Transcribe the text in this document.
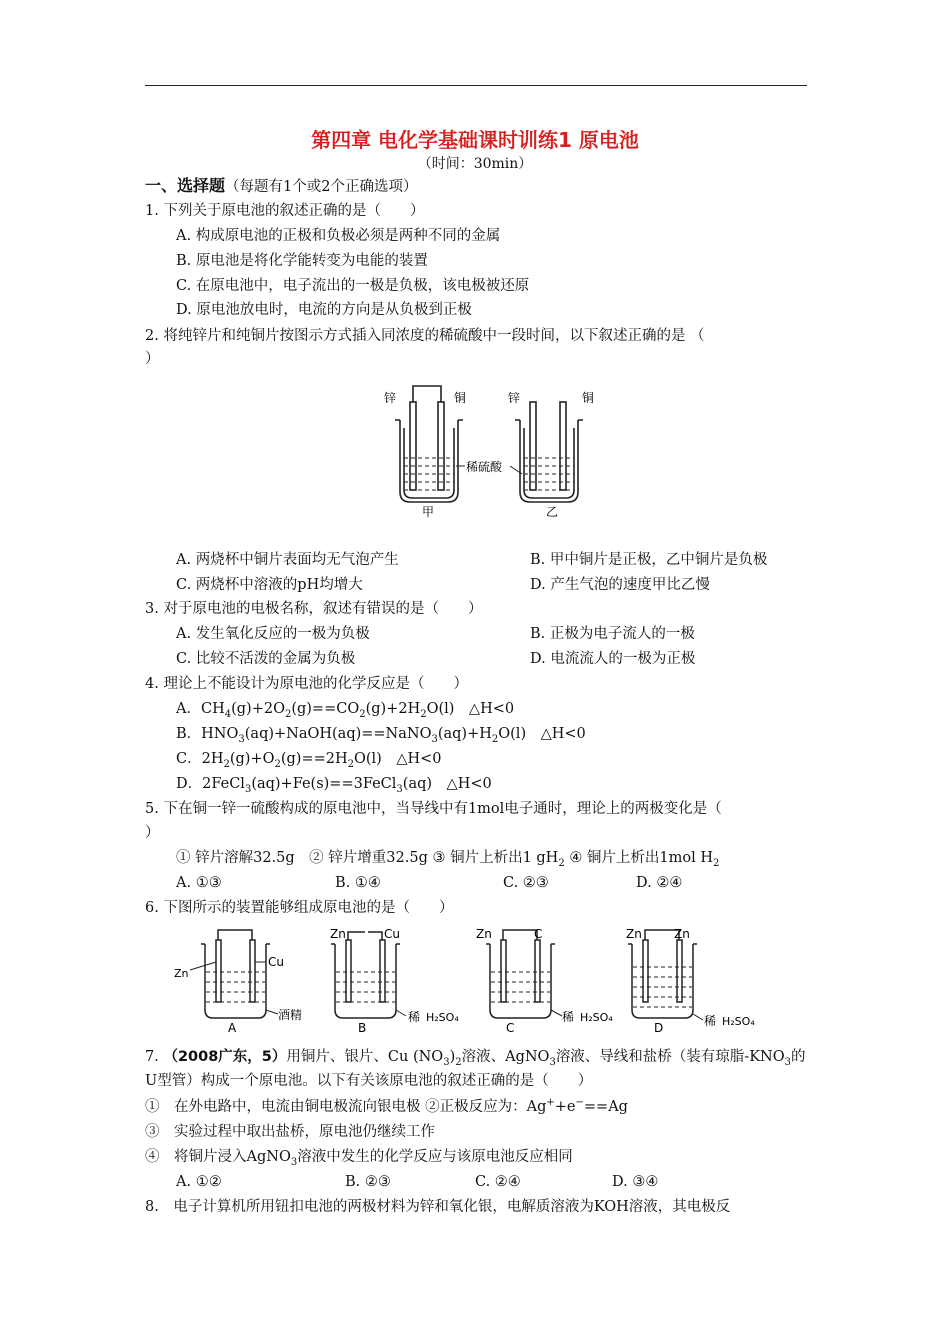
第四章 电化学基础课时训练1 原电池
（时间：30min）
一、选择题（每题有1个或2个正确选项）
1. 下列关于原电池的叙述正确的是（　　）
A. 构成原电池的正极和负极必须是两种不同的金属
B. 原电池是将化学能转变为电能的装置
C. 在原电池中，电子流出的一极是负极，该电极被还原
D. 原电池放电时，电流的方向是从负极到正极
2. 将纯锌片和纯铜片按图示方式插入同浓度的稀硫酸中一段时间，以下叙述正确的是 （
）
锌	铜	锌	铜
稀硫酸
甲	乙
A. 两烧杯中铜片表面均无气泡产生	B. 甲中铜片是正极，乙中铜片是负极
C. 两烧杯中溶液的pH均增大	D. 产生气泡的速度甲比乙慢
3. 对于原电池的电极名称，叙述有错误的是（　　）
A. 发生氧化反应的一极为负极	B. 正极为电子流人的一极
C. 比较不活泼的金属为负极	D. 电流流人的一极为正极
4. 理论上不能设计为原电池的化学反应是（　　）
A．$CH_4(g)+2O_2(g)==CO_2(g)+2H_2O(l)$　△H<0
B．$HNO_3(aq)+NaOH(aq)==NaNO_3(aq)+H_2O(l)$　△H<0
C．$2H_2(g)+O_2(g)==2H_2O(l)$　△H<0
D．2FeCl$_3$(aq)+Fe(s)==3FeCl$_3$(aq)　△H<0
5. 下在铜一锌一硫酸构成的原电池中，当导线中有1mol电子通时，理论上的两极变化是（
）
① 锌片溶解32.5g　② 锌片增重32.5g ③ 铜片上析出1 $gH_2$ ④ 铜片上析出1mol $H_2$
A. ①③	B. ①④	C. ②③	D. ②④
6. 下图所示的装置能够组成原电池的是（　　）
Zn
Cu
酒精
A
Zn	Cu
稀 H₂SO₄
B
Zn	C
稀 H₂SO₄
C
Zn	Zn
稀 H₂SO₄
D
7. （2008广东，5）用铜片、银片、Cu $(NO_3)_2$溶液、AgNO$_3$溶液、导线和盐桥（装有琼脂$-KNO_3$的
U型管）构成一个原电池。以下有关该原电池的叙述正确的是（　　）
①　在外电路中，电流由铜电极流向银电极 ②正极反应为：Ag++e−==Ag
③　实验过程中取出盐桥，原电池仍继续工作
④　将铜片浸入AgNO$_3$溶液中发生的化学反应与该原电池反应相同
A. ①②	B. ②③	C. ②④	D. ③④
8.　电子计算机所用钮扣电池的两极材料为锌和氧化银，电解质溶液为KOH溶液，其电极反
